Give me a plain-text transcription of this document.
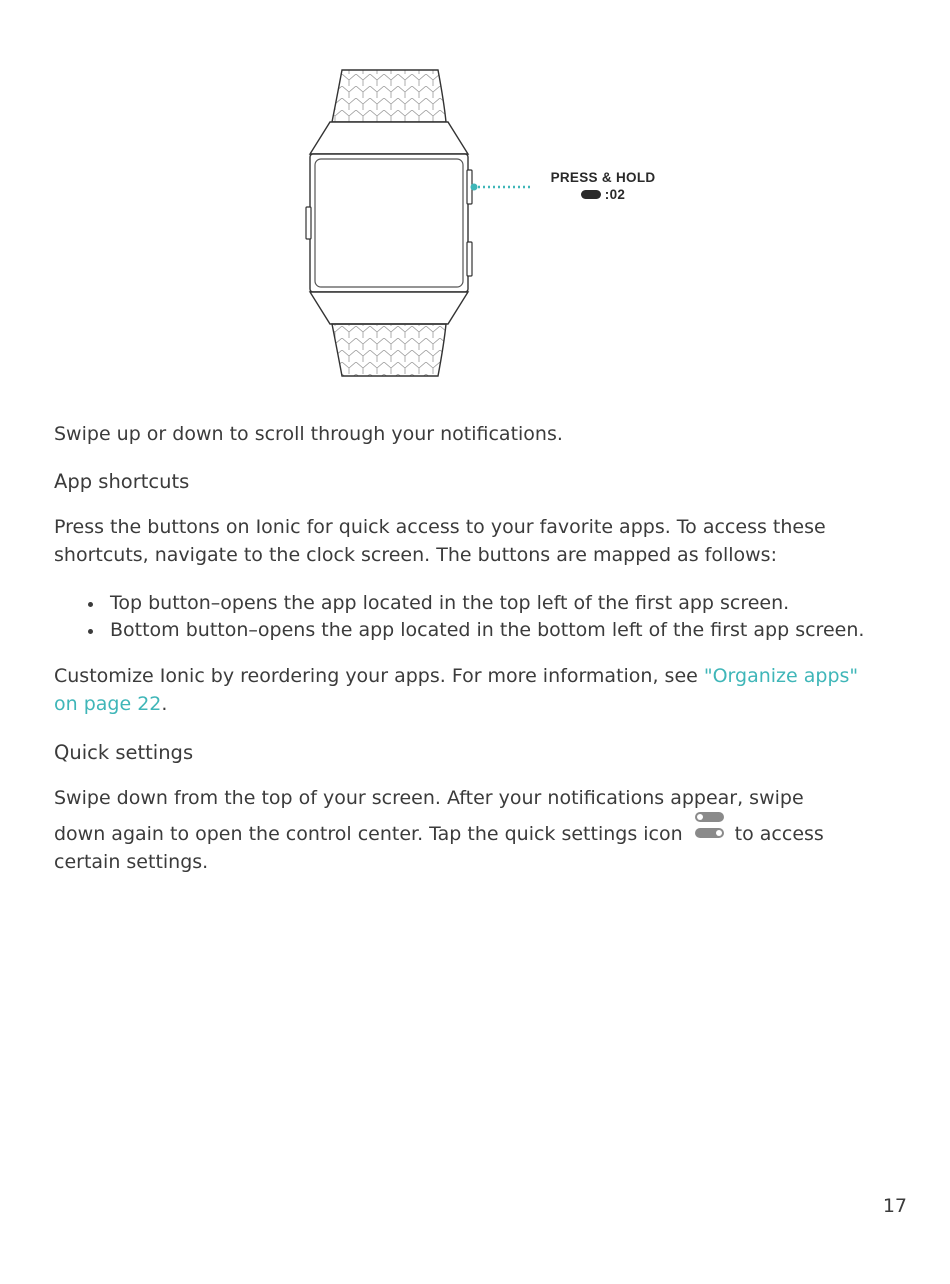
PRESS & HOLD
:02

Swipe up or down to scroll through your notifications.

App shortcuts

Press the buttons on Ionic for quick access to your favorite apps. To access these shortcuts, navigate to the clock screen. The buttons are mapped as follows:

Top button–opens the app located in the top left of the first app screen.
Bottom button–opens the app located in the bottom left of the first app screen.

Customize Ionic by reordering your apps. For more information, see "Organize apps" on page 22.

Quick settings

Swipe down from the top of your screen. After your notifications appear, swipe

down again to open the control center. Tap the quick settings icon	to access

certain settings.

17
